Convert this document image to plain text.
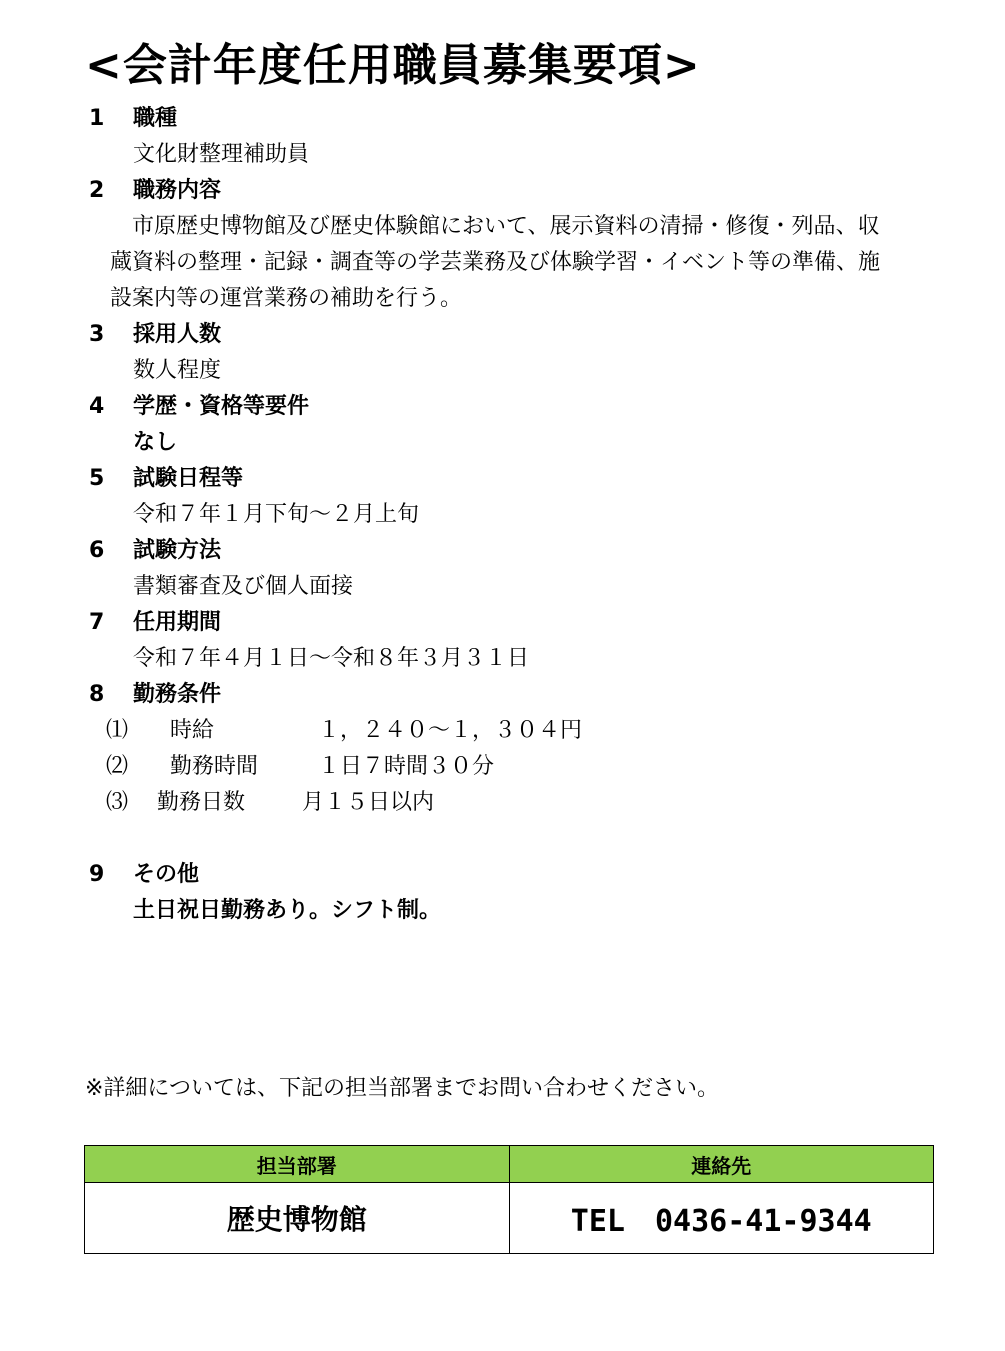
<会計年度任用職員募集要項>
1 職種
文化財整理補助員
2 職務内容
　市原歴史博物館及び歴史体験館において、展示資料の清掃・修復・列品、収
蔵資料の整理・記録・調査等の学芸業務及び体験学習・イベント等の準備、施
設案内等の運営業務の補助を行う。
3 採用人数
数人程度
4 学歴・資格等要件
なし
5 試験日程等
令和７年１月下旬～２月上旬
6 試験方法
書類審査及び個人面接
7 任用期間
令和７年４月１日～令和８年３月３１日
8 勤務条件
⑴ 時給	１，２４０～１，３０４円
⑵ 勤務時間	１日７時間３０分
⑶ 勤務日数	月１５日以内
9 その他
土日祝日勤務あり。シフト制。
※詳細については、下記の担当部署までお問い合わせください。
担当部署	連絡先
歴史博物館	TEL　0436-41-9344
